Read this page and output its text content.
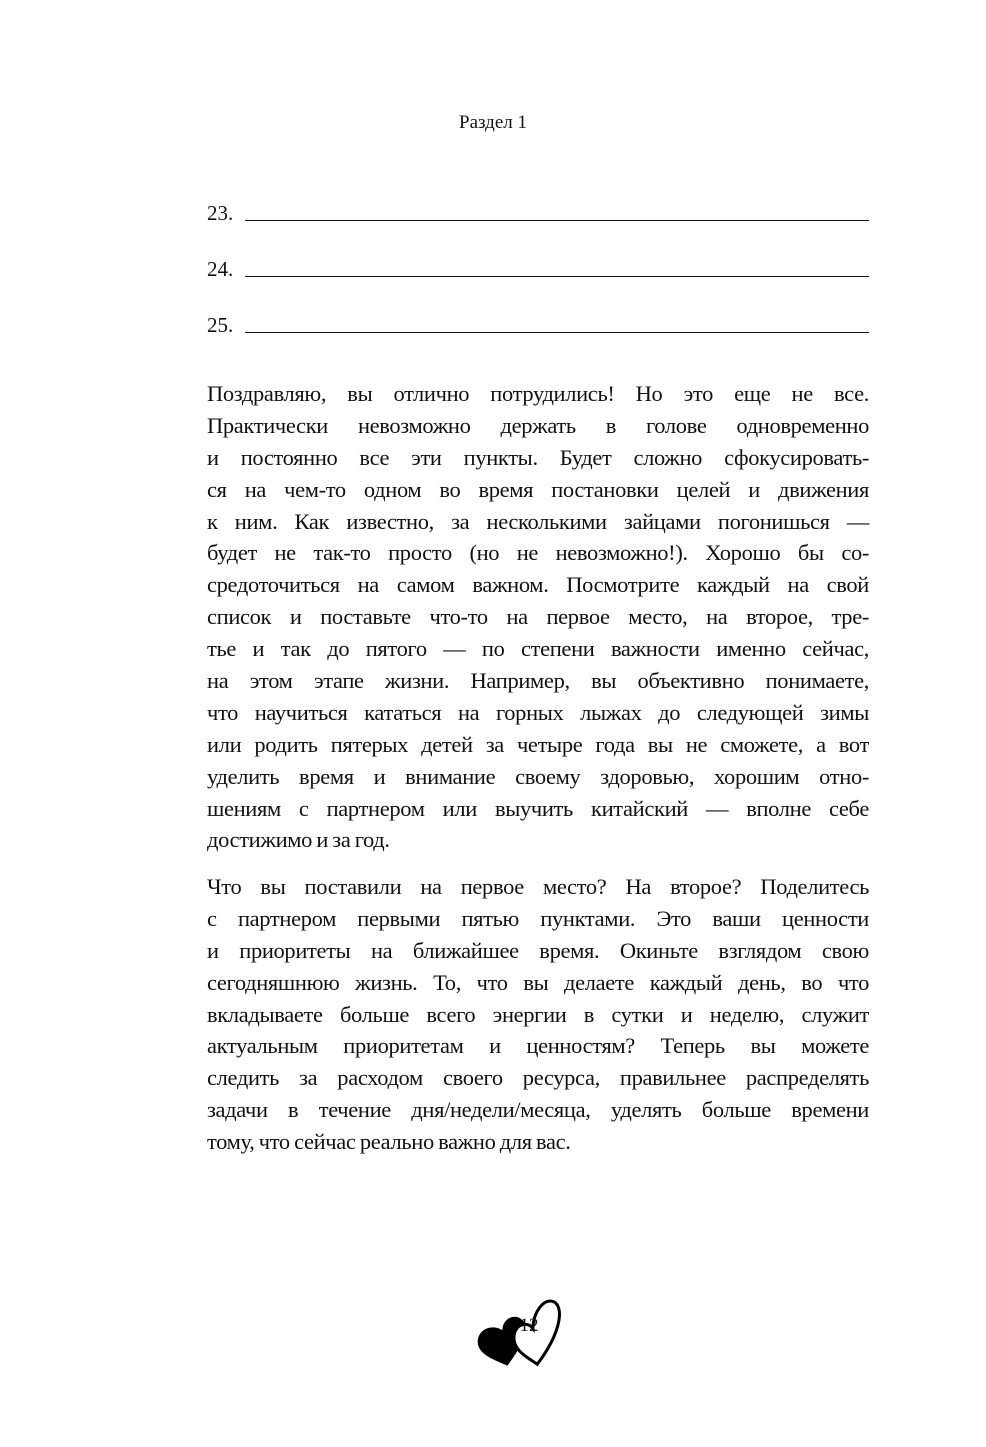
Раздел 1
23.
24.
25.
Поздравляю, вы отлично потрудились! Но это еще не все.
Практически невозможно держать в голове одновременно
и постоянно все эти пункты. Будет сложно сфокусировать-
ся на чем-то одном во время постановки целей и движения
к ним. Как известно, за несколькими зайцами погонишься —
будет не так-то просто (но не невозможно!). Хорошо бы со-
средоточиться на самом важном. Посмотрите каждый на свой
список и поставьте что-то на первое место, на второе, тре-
тье и так до пятого — по степени важности именно сейчас,
на этом этапе жизни. Например, вы объективно понимаете,
что научиться кататься на горных лыжах до следующей зимы
или родить пятерых детей за четыре года вы не сможете, а вот
уделить время и внимание своему здоровью, хорошим отно-
шениям с партнером или выучить китайский — вполне себе
достижимо и за год.
Что вы поставили на первое место? На второе? Поделитесь
с партнером первыми пятью пунктами. Это ваши ценности
и приоритеты на ближайшее время. Окиньте взглядом свою
сегодняшнюю жизнь. То, что вы делаете каждый день, во что
вкладываете больше всего энергии в сутки и неделю, служит
актуальным приоритетам и ценностям? Теперь вы можете
следить за расходом своего ресурса, правильнее распределять
задачи в течение дня/недели/месяца, уделять больше времени
тому, что сейчас реально важно для вас.
12
